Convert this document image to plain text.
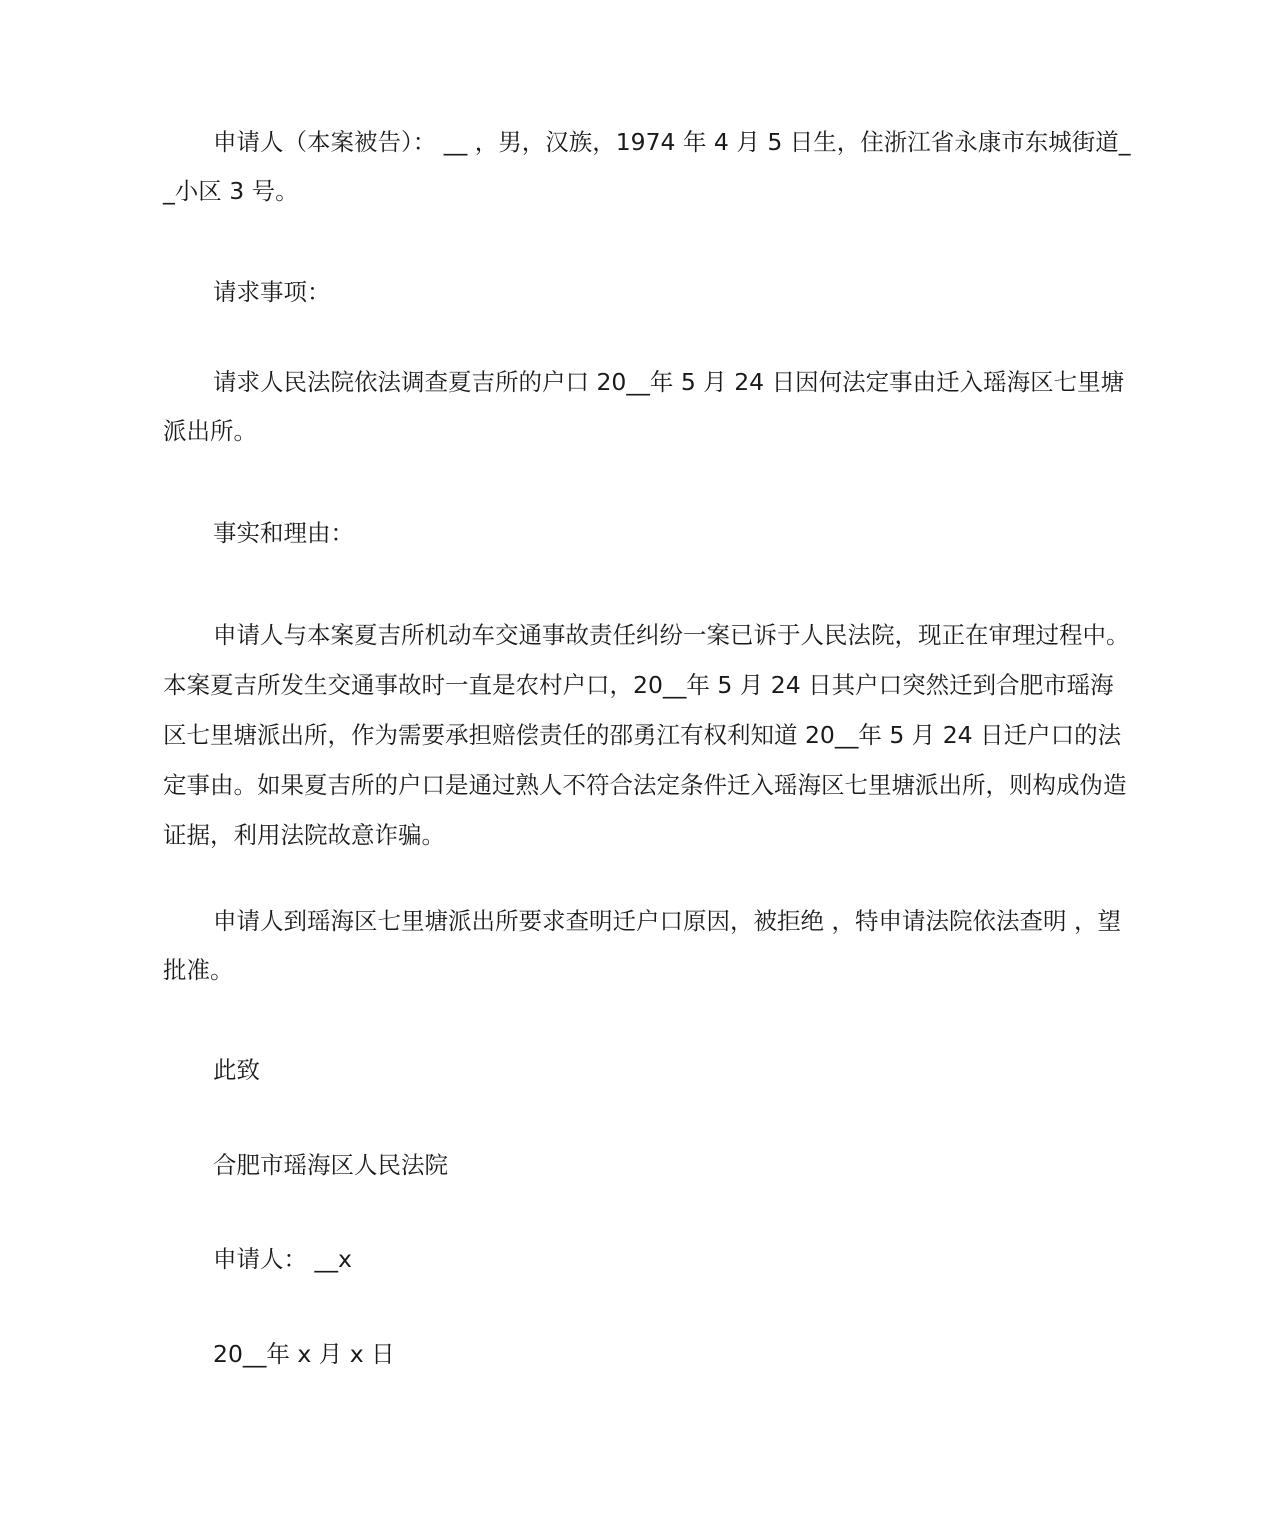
申请人（本案被告）： __ ，男，汉族，1974 年 4 月 5 日生，住浙江省永康市东城街道__小区 3 号。

请求事项：

请求人民法院依法调查夏吉所的户口 20__年 5 月 24 日因何法定事由迁入瑶海区七里塘派出所。

事实和理由：

申请人与本案夏吉所机动车交通事故责任纠纷一案已诉于人民法院，现正在审理过程中。本案夏吉所发生交通事故时一直是农村户口，20__年 5 月 24 日其户口突然迁到合肥市瑶海区七里塘派出所，作为需要承担赔偿责任的邵勇江有权利知道 20__年 5 月 24 日迁户口的法定事由。如果夏吉所的户口是通过熟人不符合法定条件迁入瑶海区七里塘派出所，则构成伪造证据，利用法院故意诈骗。

申请人到瑶海区七里塘派出所要求查明迁户口原因，被拒绝 ，特申请法院依法查明 ，望批准。

此致

合肥市瑶海区人民法院

申请人： __x

20__年 x 月 x 日
